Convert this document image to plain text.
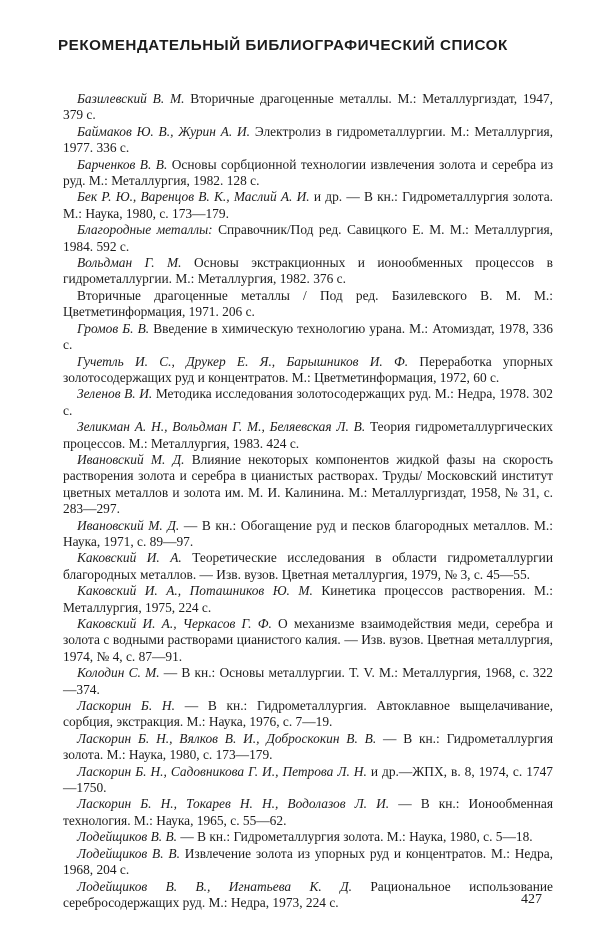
РЕКОМЕНДАТЕЛЬНЫЙ БИБЛИОГРАФИЧЕСКИЙ СПИСОК
Базилевский В. М. Вторичные драгоценные металлы. М.: Металлургиздат, 1947, 379 с.
Баймаков Ю. В., Журин А. И. Электролиз в гидрометаллургии. М.: Металлургия, 1977. 336 с.
Барченков В. В. Основы сорбционной технологии извлечения золота и серебра из руд. М.: Металлургия, 1982. 128 с.
Бек Р. Ю., Варенцов В. К., Маслий А. И. и др. — В кн.: Гидрометаллургия золота. М.: Наука, 1980, с. 173—179.
Благородные металлы: Справочник/Под ред. Савицкого Е. М. М.: Металлургия, 1984. 592 с.
Вольдман Г. М. Основы экстракционных и ионообменных процессов в гидрометаллургии. М.: Металлургия, 1982. 376 с.
Вторичные драгоценные металлы / Под ред. Базилевского В. М. М.: Цветметинформация, 1971. 206 с.
Громов Б. В. Введение в химическую технологию урана. М.: Атомиздат, 1978, 336 с.
Гучетль И. С., Друкер Е. Я., Барышников И. Ф. Переработка упорных золотосодержащих руд и концентратов. М.: Цветметинформация, 1972, 60 с.
Зеленов В. И. Методика исследования золотосодержащих руд. М.: Недра, 1978. 302 с.
Зеликман А. Н., Вольдман Г. М., Беляевская Л. В. Теория гидрометаллургических процессов. М.: Металлургия, 1983. 424 с.
Ивановский М. Д. Влияние некоторых компонентов жидкой фазы на скорость растворения золота и серебра в цианистых растворах. Труды/ Московский институт цветных металлов и золота им. М. И. Калинина. М.: Металлургиздат, 1958, № 31, с. 283—297.
Ивановский М. Д. — В кн.: Обогащение руд и песков благородных металлов. М.: Наука, 1971, с. 89—97.
Каковский И. А. Теоретические исследования в области гидрометаллургии благородных металлов. — Изв. вузов. Цветная металлургия, 1979, № 3, с. 45—55.
Каковский И. А., Поташников Ю. М. Кинетика процессов растворения. М.: Металлургия, 1975, 224 с.
Каковский И. А., Черкасов Г. Ф. О механизме взаимодействия меди, серебра и золота с водными растворами цианистого калия. — Изв. вузов. Цветная металлургия, 1974, № 4, с. 87—91.
Колодин С. М. — В кн.: Основы металлургии. Т. V. М.: Металлургия, 1968, с. 322—374.
Ласкорин Б. Н. — В кн.: Гидрометаллургия. Автоклавное выщелачивание, сорбция, экстракция. М.: Наука, 1976, с. 7—19.
Ласкорин Б. Н., Вялков В. И., Доброскокин В. В. — В кн.: Гидрометаллургия золота. М.: Наука, 1980, с. 173—179.
Ласкорин Б. Н., Садовникова Г. И., Петрова Л. Н. и др.—ЖПХ, в. 8, 1974, с. 1747—1750.
Ласкорин Б. Н., Токарев Н. Н., Водолазов Л. И. — В кн.: Ионообменная технология. М.: Наука, 1965, с. 55—62.
Лодейщиков В. В. — В кн.: Гидрометаллургия золота. М.: Наука, 1980, с. 5—18.
Лодейщиков В. В. Извлечение золота из упорных руд и концентратов. М.: Недра, 1968, 204 с.
Лодейщиков В. В., Игнатьева К. Д. Рациональное использование серебросодержащих руд. М.: Недра, 1973, 224 с.	427
